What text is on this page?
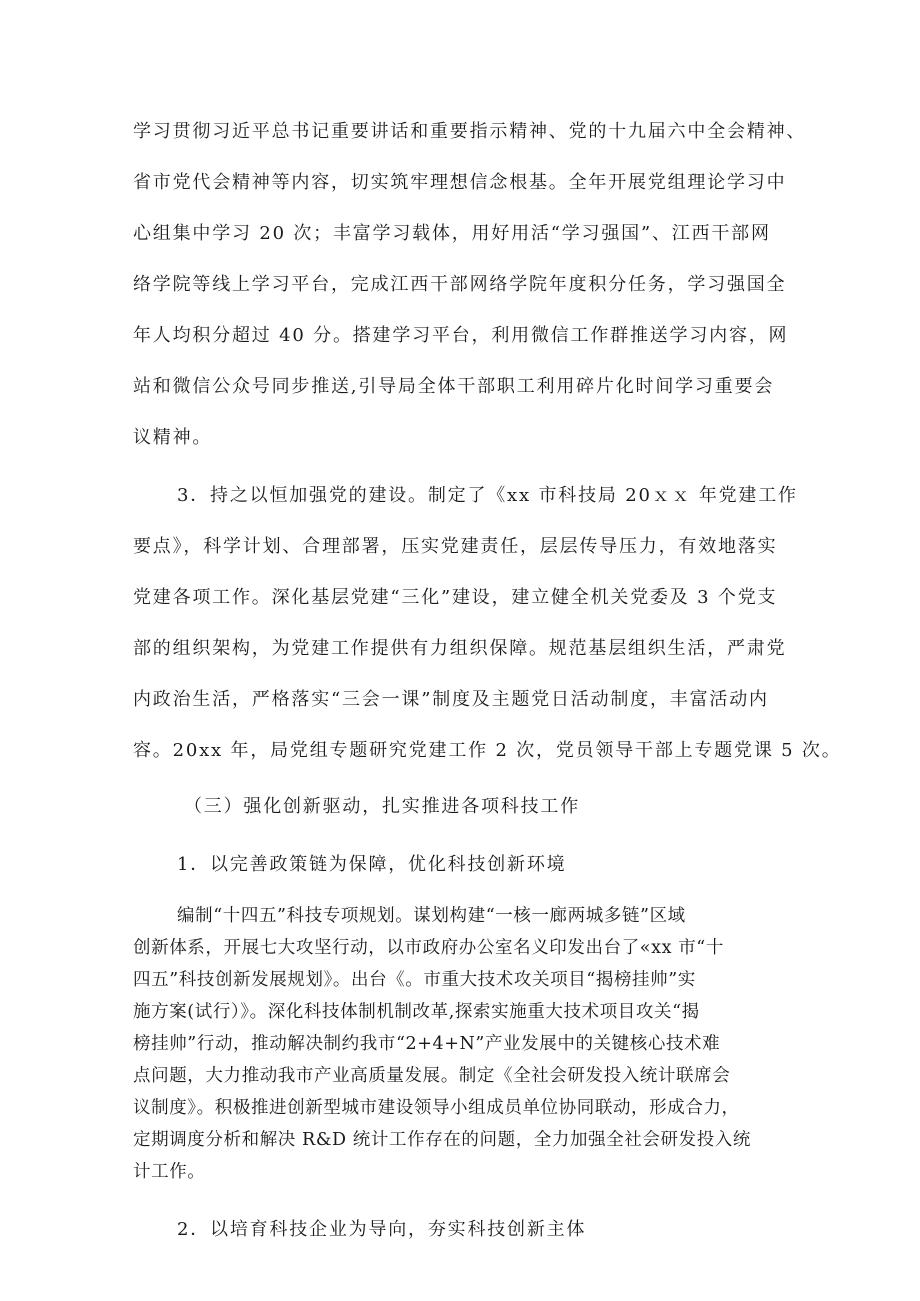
学习贯彻习近平总书记重要讲话和重要指示精神、党的十九届六中全会精神、
省市党代会精神等内容，切实筑牢理想信念根基。全年开展党组理论学习中
心组集中学习 20 次；丰富学习载体，用好用活“学习强国”、江西干部网
络学院等线上学习平台，完成江西干部网络学院年度积分任务，学习强国全
年人均积分超过 40 分。搭建学习平台，利用微信工作群推送学习内容，网
站和微信公众号同步推送,引导局全体干部职工利用碎片化时间学习重要会
议精神。
3．持之以恒加强党的建设。制定了《xx 市科技局 20ｘｘ 年党建工作
要点》，科学计划、合理部署，压实党建责任，层层传导压力，有效地落实
党建各项工作。深化基层党建“三化”建设，建立健全机关党委及 3 个党支
部的组织架构，为党建工作提供有力组织保障。规范基层组织生活，严肃党
内政治生活，严格落实“三会一课”制度及主题党日活动制度，丰富活动内
容。20xx 年，局党组专题研究党建工作 2 次，党员领导干部上专题党课 5 次。
（三）强化创新驱动，扎实推进各项科技工作
1．以完善政策链为保障，优化科技创新环境
编制“十四五”科技专项规划。谋划构建“一核一廊两城多链”区域
创新体系，开展七大攻坚行动，以市政府办公室名义印发出台了«xx 市“十
四五”科技创新发展规划》。出台《。市重大技术攻关项目“揭榜挂帅”实
施方案(试行）》。深化科技体制机制改革,探索实施重大技术项目攻关“揭
榜挂帅”行动，推动解决制约我市“2+4+N”产业发展中的关键核心技术难
点问题，大力推动我市产业高质量发展。制定《全社会研发投入统计联席会
议制度》。积极推进创新型城市建设领导小组成员单位协同联动，形成合力，
定期调度分析和解决 R&D 统计工作存在的问题，全力加强全社会研发投入统
计工作。
2．以培育科技企业为导向，夯实科技创新主体
